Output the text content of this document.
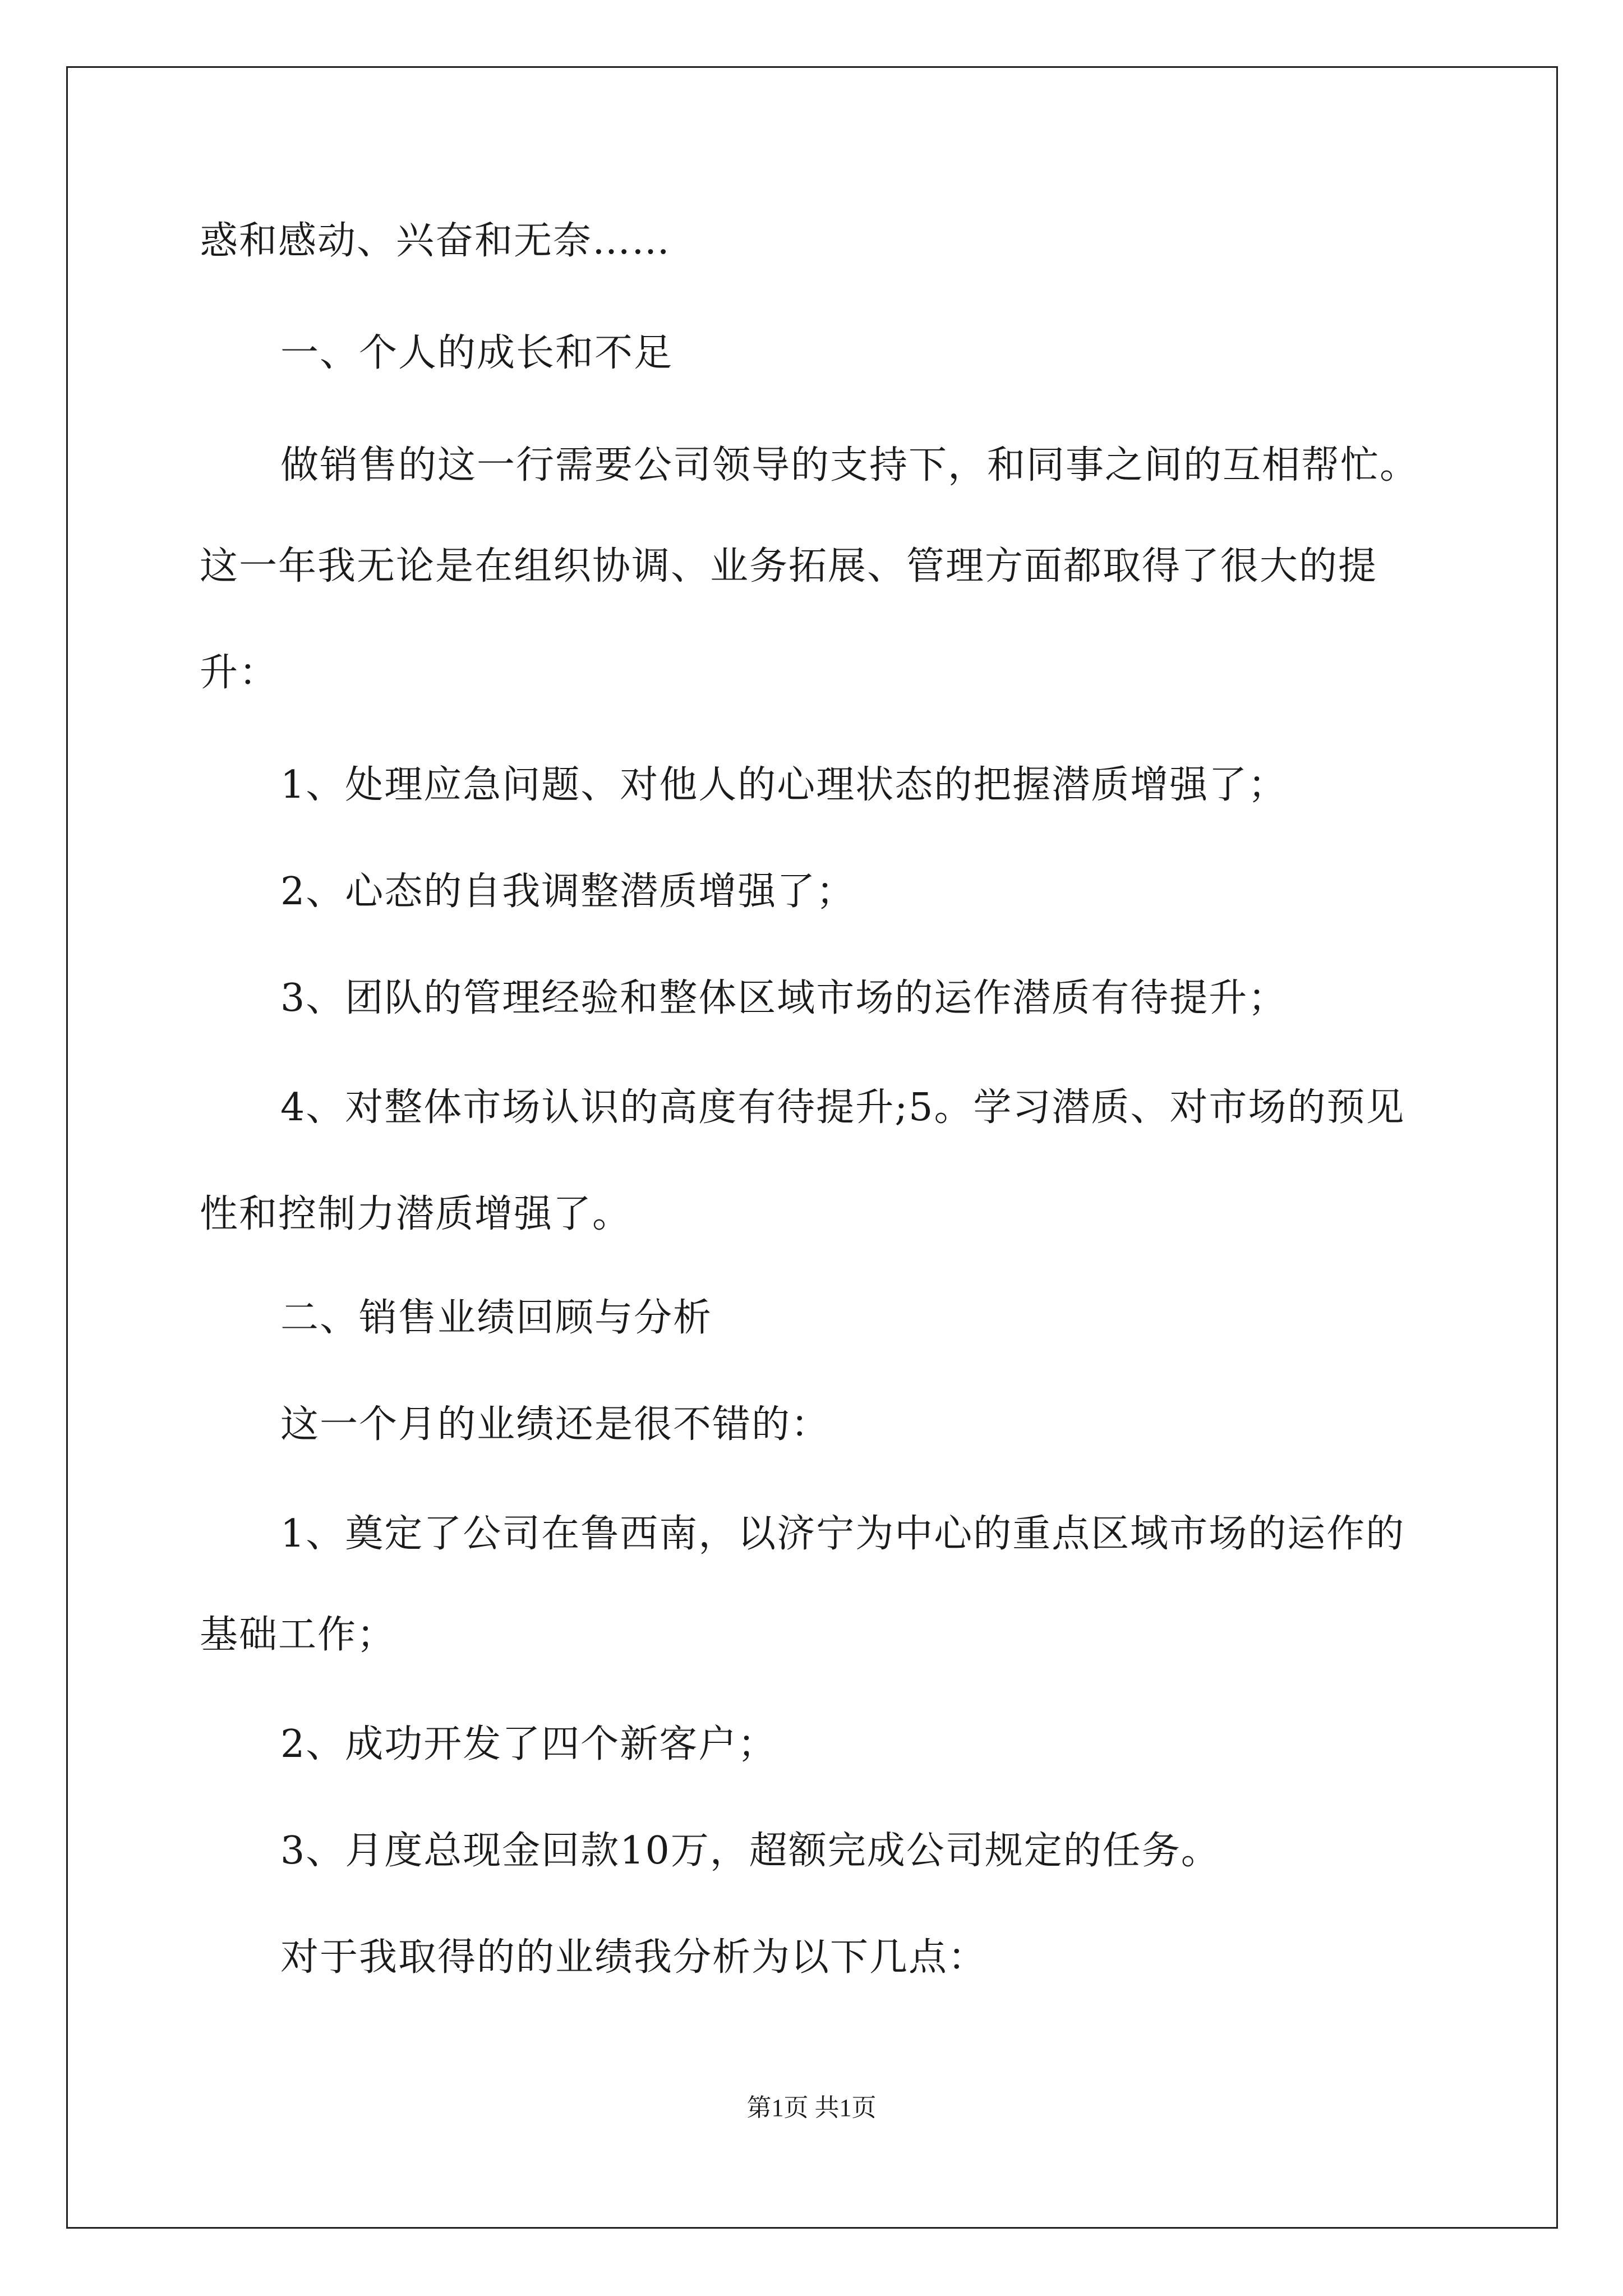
惑和感动、兴奋和无奈……
一、个人的成长和不足
做销售的这一行需要公司领导的支持下，和同事之间的互相帮忙。
这一年我无论是在组织协调、业务拓展、管理方面都取得了很大的提
升：
1、处理应急问题、对他人的心理状态的把握潜质增强了；
2、心态的自我调整潜质增强了；
3、团队的管理经验和整体区域市场的运作潜质有待提升；
4、对整体市场认识的高度有待提升;5。学习潜质、对市场的预见
性和控制力潜质增强了。
二、销售业绩回顾与分析
这一个月的业绩还是很不错的：
1、奠定了公司在鲁西南，以济宁为中心的重点区域市场的运作的
基础工作；
2、成功开发了四个新客户；
3、月度总现金回款10万，超额完成公司规定的任务。
对于我取得的的业绩我分析为以下几点：
第1页 共1页
